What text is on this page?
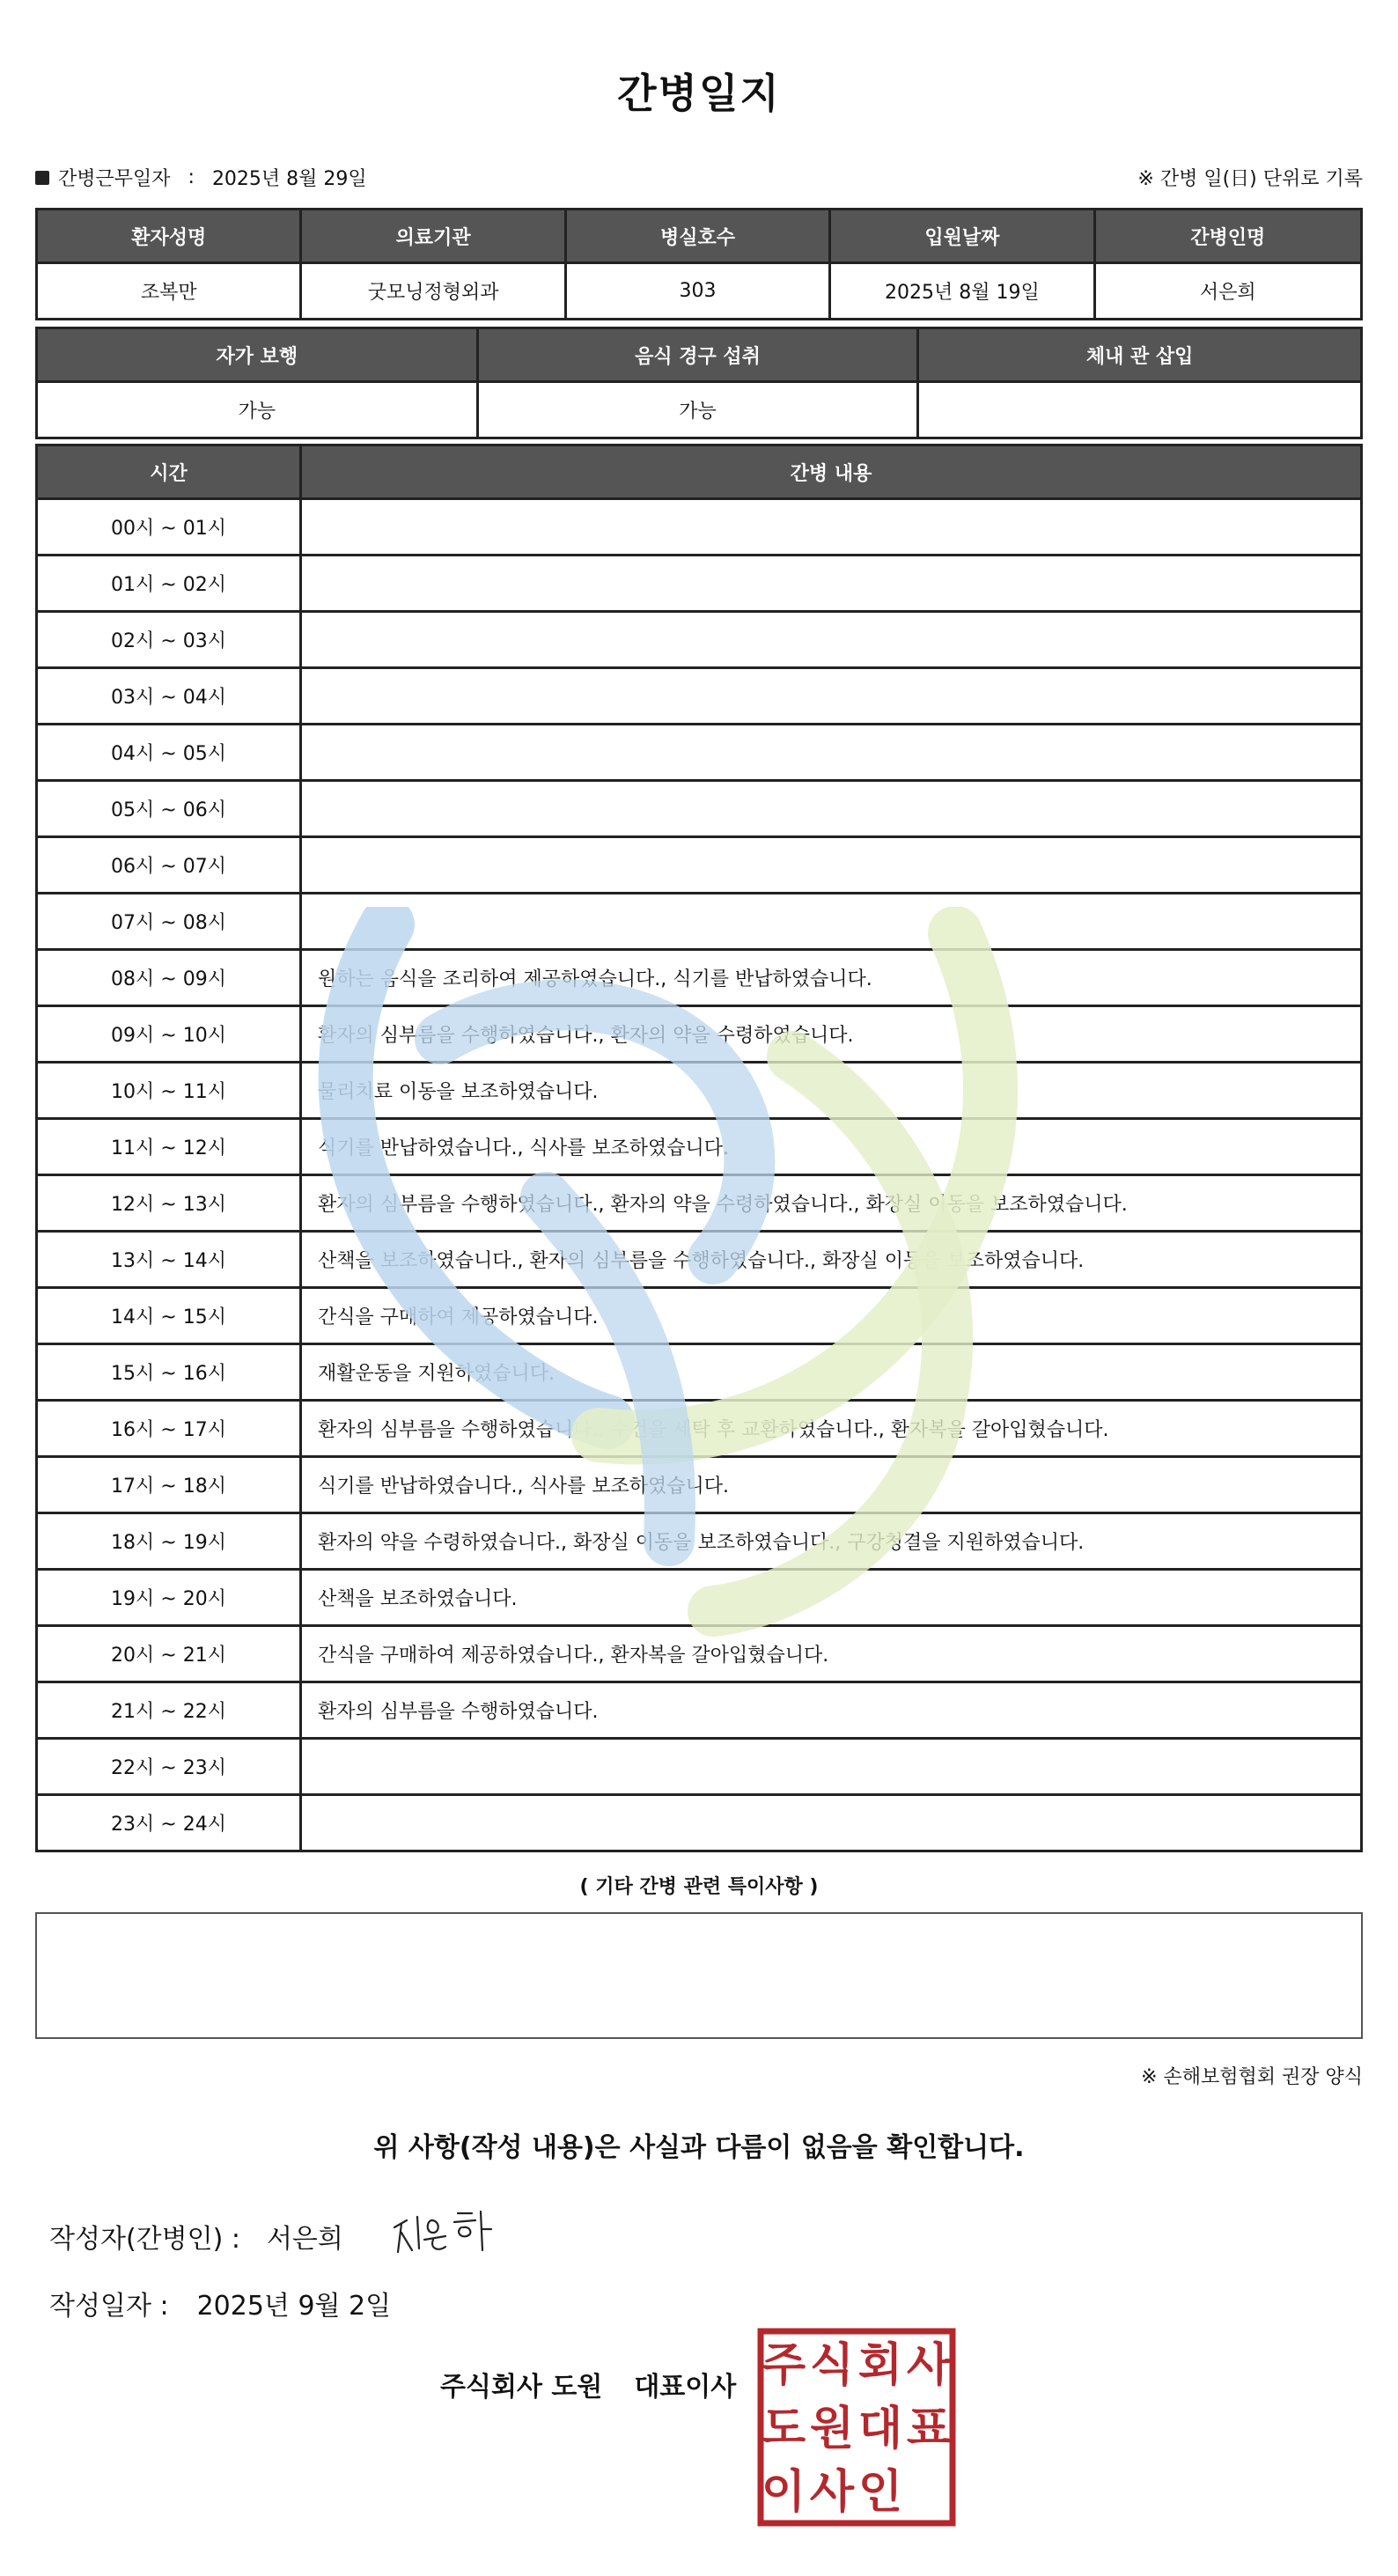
간병일지
간병근무일자 : 2025년 8월 29일	※ 간병 일(日) 단위로 기록
환자성명	의료기관	병실호수	입원날짜	간병인명
조복만	굿모닝정형외과	303	2025년 8월 19일	서은희
자가 보행	음식 경구 섭취	체내 관 삽입
가능	가능	
시간	간병 내용
00시 ~ 01시	
01시 ~ 02시	
02시 ~ 03시	
03시 ~ 04시	
04시 ~ 05시	
05시 ~ 06시	
06시 ~ 07시	
07시 ~ 08시	
08시 ~ 09시	원하는 음식을 조리하여 제공하였습니다., 식기를 반납하였습니다.
09시 ~ 10시	환자의 심부름을 수행하였습니다., 환자의 약을 수령하였습니다.
10시 ~ 11시	물리치료 이동을 보조하였습니다.
11시 ~ 12시	식기를 반납하였습니다., 식사를 보조하였습니다.
12시 ~ 13시	환자의 심부름을 수행하였습니다., 환자의 약을 수령하였습니다., 화장실 이동을 보조하였습니다.
13시 ~ 14시	산책을 보조하였습니다., 환자의 심부름을 수행하였습니다., 화장실 이동을 보조하였습니다.
14시 ~ 15시	간식을 구매하여 제공하였습니다.
15시 ~ 16시	재활운동을 지원하였습니다.
16시 ~ 17시	환자의 심부름을 수행하였습니다., 수건을 세탁 후 교환하였습니다., 환자복을 갈아입혔습니다.
17시 ~ 18시	식기를 반납하였습니다., 식사를 보조하였습니다.
18시 ~ 19시	환자의 약을 수령하였습니다., 화장실 이동을 보조하였습니다., 구강청결을 지원하였습니다.
19시 ~ 20시	산책을 보조하였습니다.
20시 ~ 21시	간식을 구매하여 제공하였습니다., 환자복을 갈아입혔습니다.
21시 ~ 22시	환자의 심부름을 수행하였습니다.
22시 ~ 23시	
23시 ~ 24시	
( 기타 간병 관련 특이사항 )
※ 손해보험협회 권장 양식
위 사항(작성 내용)은 사실과 다름이 없음을 확인합니다.
작성자(간병인) : 서은희
작성일자 : 2025년 9월 2일
주식회사 도원 대표이사 주 식 회 사
도 원 대 표
이 사 인
